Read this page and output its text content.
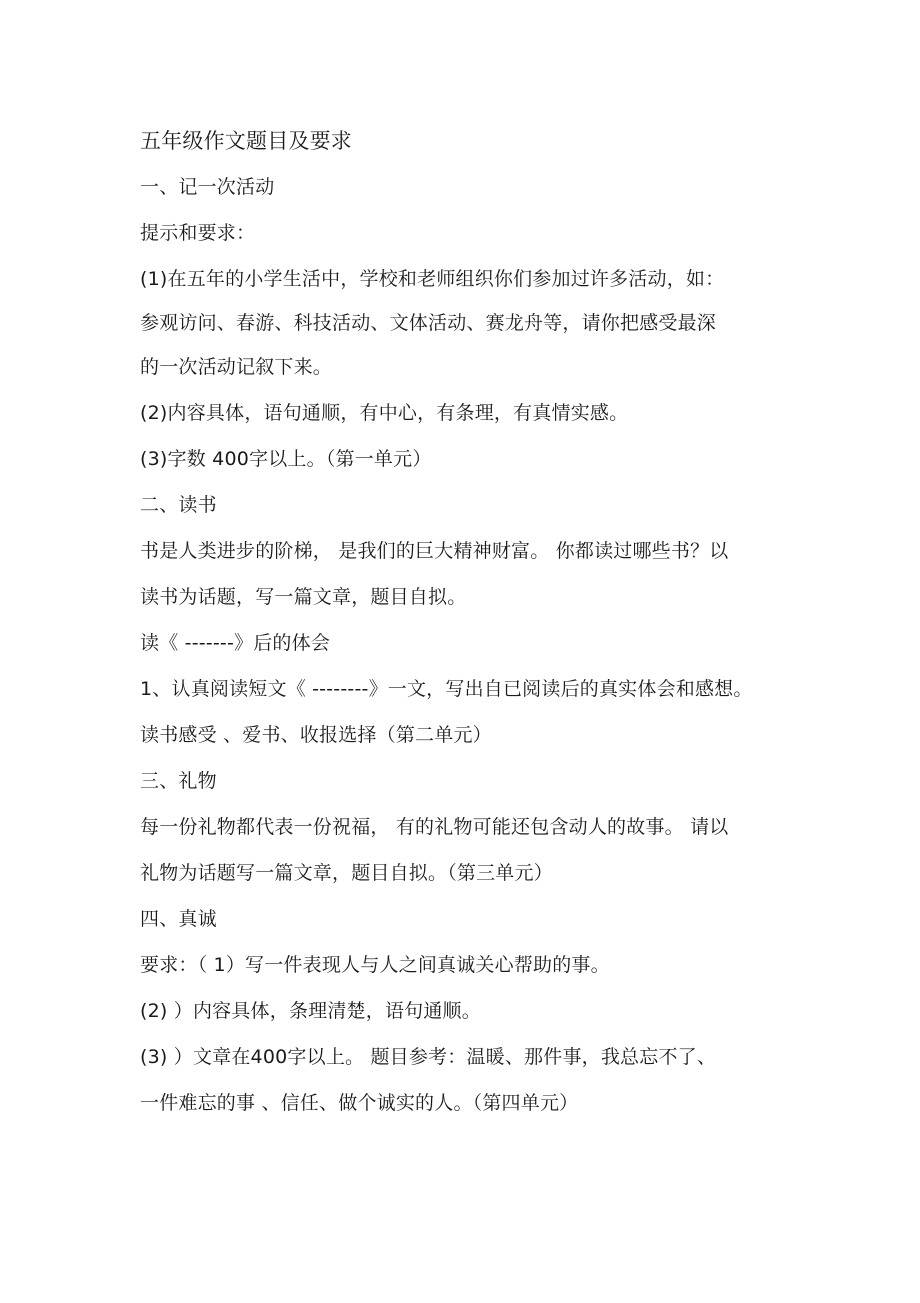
五年级作文题目及要求
一、记一次活动
提示和要求：
(1)在五年的小学生活中，学校和老师组织你们参加过许多活动，如：
参观访问、春游、科技活动、文体活动、赛龙舟等，请你把感受最深
的一次活动记叙下来。
(2)内容具体，语句通顺，有中心，有条理，有真情实感。
(3)字数 400字以上。（第一单元）
二、读书
书是人类进步的阶梯， 是我们的巨大精神财富。 你都读过哪些书？以
读书为话题，写一篇文章，题目自拟。
读《 -------》后的体会
1、认真阅读短文《 --------》一文，写出自已阅读后的真实体会和感想。
读书感受 、爱书、收报选择（第二单元）
三、礼物
每一份礼物都代表一份祝福， 有的礼物可能还包含动人的故事。 请以
礼物为话题写一篇文章，题目自拟。（第三单元）
四、真诚
要求：（ 1）写一件表现人与人之间真诚关心帮助的事。
(2) ）内容具体，条理清楚，语句通顺。
(3) ）文章在400字以上。 题目参考：温暖、那件事，我总忘不了、
一件难忘的事 、信任、做个诚实的人。（第四单元）
